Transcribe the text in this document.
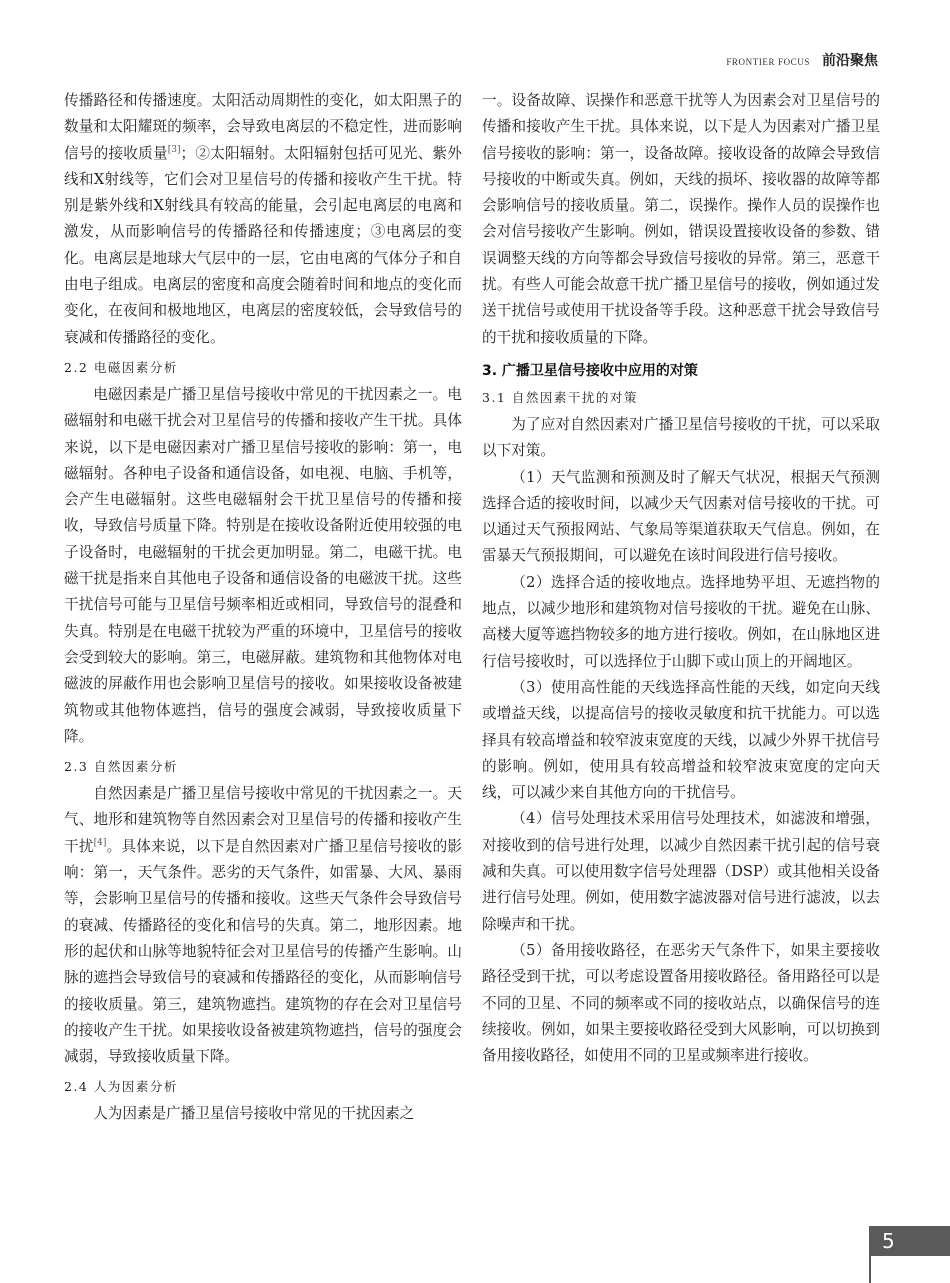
FRONTIER FOCUS 前沿聚焦

传播路径和传播速度。太阳活动周期性的变化，如太阳黑子的数量和太阳耀斑的频率，会导致电离层的不稳定性，进而影响信号的接收质量[3]；②太阳辐射。太阳辐射包括可见光、紫外线和X射线等，它们会对卫星信号的传播和接收产生干扰。特别是紫外线和X射线具有较高的能量，会引起电离层的电离和激发，从而影响信号的传播路径和传播速度；③电离层的变化。电离层是地球大气层中的一层，它由电离的气体分子和自由电子组成。电离层的密度和高度会随着时间和地点的变化而变化，在夜间和极地地区，电离层的密度较低，会导致信号的衰减和传播路径的变化。

2.2 电磁因素分析

电磁因素是广播卫星信号接收中常见的干扰因素之一。电磁辐射和电磁干扰会对卫星信号的传播和接收产生干扰。具体来说，以下是电磁因素对广播卫星信号接收的影响：第一，电磁辐射。各种电子设备和通信设备，如电视、电脑、手机等，会产生电磁辐射。这些电磁辐射会干扰卫星信号的传播和接收，导致信号质量下降。特别是在接收设备附近使用较强的电子设备时，电磁辐射的干扰会更加明显。第二，电磁干扰。电磁干扰是指来自其他电子设备和通信设备的电磁波干扰。这些干扰信号可能与卫星信号频率相近或相同，导致信号的混叠和失真。特别是在电磁干扰较为严重的环境中，卫星信号的接收会受到较大的影响。第三，电磁屏蔽。建筑物和其他物体对电磁波的屏蔽作用也会影响卫星信号的接收。如果接收设备被建筑物或其他物体遮挡，信号的强度会减弱，导致接收质量下降。

2.3 自然因素分析

自然因素是广播卫星信号接收中常见的干扰因素之一。天气、地形和建筑物等自然因素会对卫星信号的传播和接收产生干扰[4]。具体来说，以下是自然因素对广播卫星信号接收的影响：第一，天气条件。恶劣的天气条件，如雷暴、大风、暴雨等，会影响卫星信号的传播和接收。这些天气条件会导致信号的衰减、传播路径的变化和信号的失真。第二，地形因素。地形的起伏和山脉等地貌特征会对卫星信号的传播产生影响。山脉的遮挡会导致信号的衰减和传播路径的变化，从而影响信号的接收质量。第三，建筑物遮挡。建筑物的存在会对卫星信号的接收产生干扰。如果接收设备被建筑物遮挡，信号的强度会减弱，导致接收质量下降。

2.4 人为因素分析

人为因素是广播卫星信号接收中常见的干扰因素之

一。设备故障、误操作和恶意干扰等人为因素会对卫星信号的传播和接收产生干扰。具体来说，以下是人为因素对广播卫星信号接收的影响：第一，设备故障。接收设备的故障会导致信号接收的中断或失真。例如，天线的损坏、接收器的故障等都会影响信号的接收质量。第二，误操作。操作人员的误操作也会对信号接收产生影响。例如，错误设置接收设备的参数、错误调整天线的方向等都会导致信号接收的异常。第三，恶意干扰。有些人可能会故意干扰广播卫星信号的接收，例如通过发送干扰信号或使用干扰设备等手段。这种恶意干扰会导致信号的干扰和接收质量的下降。

3. 广播卫星信号接收中应用的对策
3.1 自然因素干扰的对策

为了应对自然因素对广播卫星信号接收的干扰，可以采取以下对策。

（1）天气监测和预测及时了解天气状况，根据天气预测选择合适的接收时间，以减少天气因素对信号接收的干扰。可以通过天气预报网站、气象局等渠道获取天气信息。例如，在雷暴天气预报期间，可以避免在该时间段进行信号接收。

（2）选择合适的接收地点。选择地势平坦、无遮挡物的地点，以减少地形和建筑物对信号接收的干扰。避免在山脉、高楼大厦等遮挡物较多的地方进行接收。例如，在山脉地区进行信号接收时，可以选择位于山脚下或山顶上的开阔地区。

（3）使用高性能的天线选择高性能的天线，如定向天线或增益天线，以提高信号的接收灵敏度和抗干扰能力。可以选择具有较高增益和较窄波束宽度的天线，以减少外界干扰信号的影响。例如，使用具有较高增益和较窄波束宽度的定向天线，可以减少来自其他方向的干扰信号。

（4）信号处理技术采用信号处理技术，如滤波和增强，对接收到的信号进行处理，以减少自然因素干扰引起的信号衰减和失真。可以使用数字信号处理器（DSP）或其他相关设备进行信号处理。例如，使用数字滤波器对信号进行滤波，以去除噪声和干扰。

（5）备用接收路径，在恶劣天气条件下，如果主要接收路径受到干扰，可以考虑设置备用接收路径。备用路径可以是不同的卫星、不同的频率或不同的接收站点，以确保信号的连续接收。例如，如果主要接收路径受到大风影响，可以切换到备用接收路径，如使用不同的卫星或频率进行接收。

5
